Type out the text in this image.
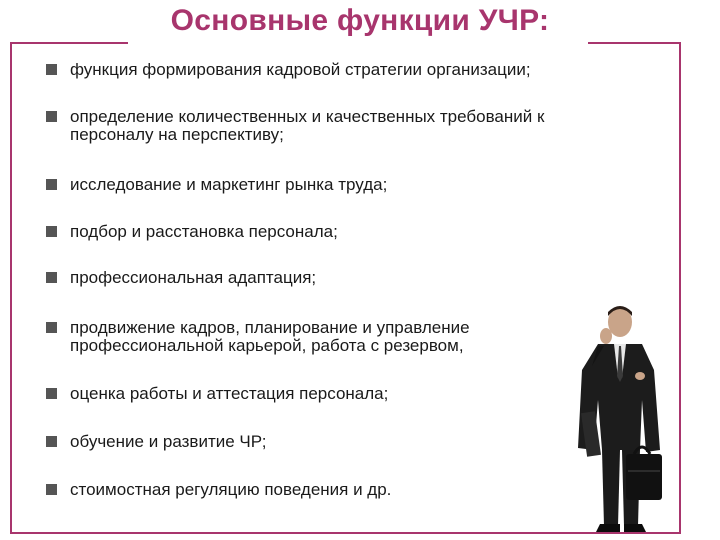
Основные функции УЧР:
функция формирования кадровой стратегии организации;
определение количественных и качественных требований к
персоналу на перспективу;
исследование и маркетинг рынка труда;
подбор и расстановка персонала;
профессиональная адаптация;
продвижение кадров, планирование и управление
профессиональной карьерой, работа с резервом,
оценка работы и аттестация персонала;
обучение и развитие ЧР;
стоимостная регуляцию поведения и др.
